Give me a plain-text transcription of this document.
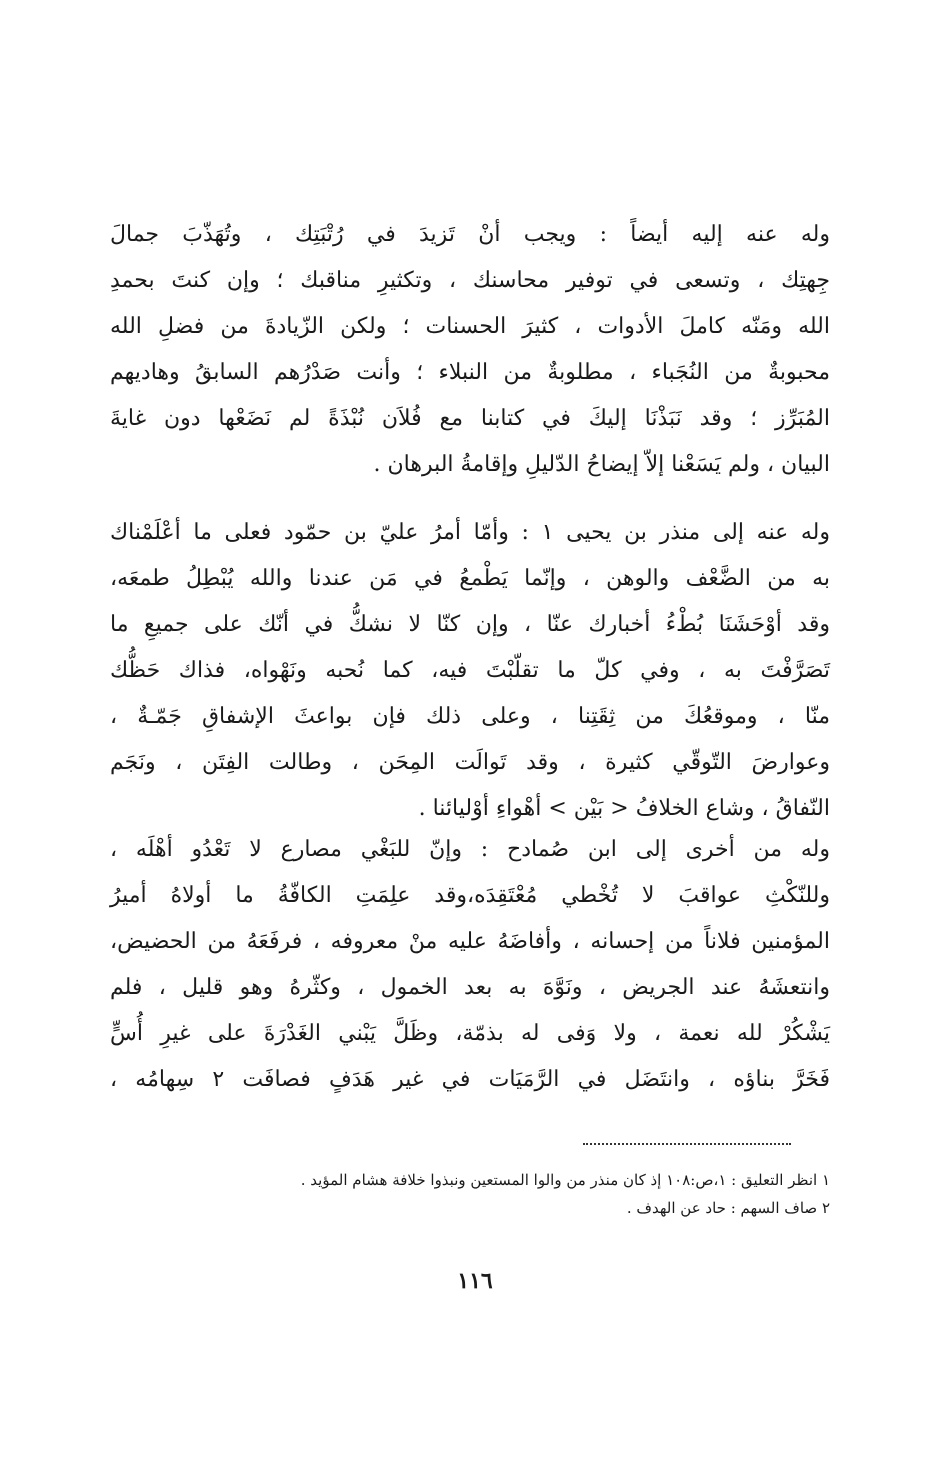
وله عنه إليه أيضاً : ويجب أنْ تَزيدَ في رُتْبَتِك ، وتُهَذّبَ جمالَ
جِهتِك ، وتسعى في توفير محاسنك ، وتكثيرِ مناقبك ؛ وإن كنتَ بحمدِ
الله ومَنّه كاملَ الأدوات ، كثيرَ الحسنات ؛ ولكن الزّيادةَ من فضلِ الله
محبوبةٌ من النُجَباء ، مطلوبةٌ من النبلاء ؛ وأنت صَدْرُهم السابقُ وهاديهم
المُبَرِّز ؛ وقد نَبَذْنَا إليكَ في كتابنا مع فُلاَن نُبْذَةً لم نَضَعْها دون غايةَ
البيان ، ولم يَسَعْنا إلاّ إيضاحُ الدّليلِ وإقامةُ البرهان .
وله عنه إلى منذر بن يحيى ١ : وأمّا أمرُ عليّ بن حمّود فعلى ما أعْلَمْناك
به من الضَّعْف والوهن ، وإنّما يَطْمعُ في مَن عندنا والله يُبْطِلُ طمعَه،
وقد أوْحَشَنَا بُطْءُ أخبارك عنّا ، وإن كنّا لا نشكُّ في أنّك على جميعِ ما
تَصَرَّفْتَ به ، وفي كلّ ما تقلّبْتَ فيه، كما نُحبه ونَهْواه، فذاك حَظُّك
منّا ، وموقعُكَ من ثِقَتِنا ، وعلى ذلك فإن بواعثَ الإشفاقِ جَمّـةٌ ،
وعوارضَ التّوقّي كثيرة ، وقد تَوالَت المِحَن ، وطالت الفِتَن ، ونَجَم
النّفاقُ ، وشاع الخلافُ < بَيْن > أهْواءِ أوْليائنا .
وله من أخرى إلى ابن صُمادح : وإنّ للبَغْي مصارع لا تَعْدُو أهْلَه ،
وللنّكْثِ عواقبَ لا تُخْطي مُعْتَقِدَه،وقد علِمَتِ الكافّةُ ما أولاهُ أميرُ
المؤمنين فلاناً من إحسانه ، وأفاضَهُ عليه منْ معروفه ، فرفَعَهُ من الحضيض،
وانتعشَهُ عند الجريض ، ونَوَّهَ به بعد الخمول ، وكثّرهُ وهو قليل ، فلم
يَشْكُرْ لله نعمة ، ولا وَفى له بذمّة، وظَلَّ يَبْني الغَدْرَةَ على غيرِ أُسٍّ
فَخَرَّ بناؤه ، وانتَضَل في الرَّمَيَات في غير هَدَفٍ فصافَت ٢ سِهامُه ،
١ انظر التعليق : ١،ص:١٠٨ إذ كان منذر من والوا المستعين ونبذوا خلافة هشام المؤيد .
٢ صاف السهم : حاد عن الهدف .
١١٦
